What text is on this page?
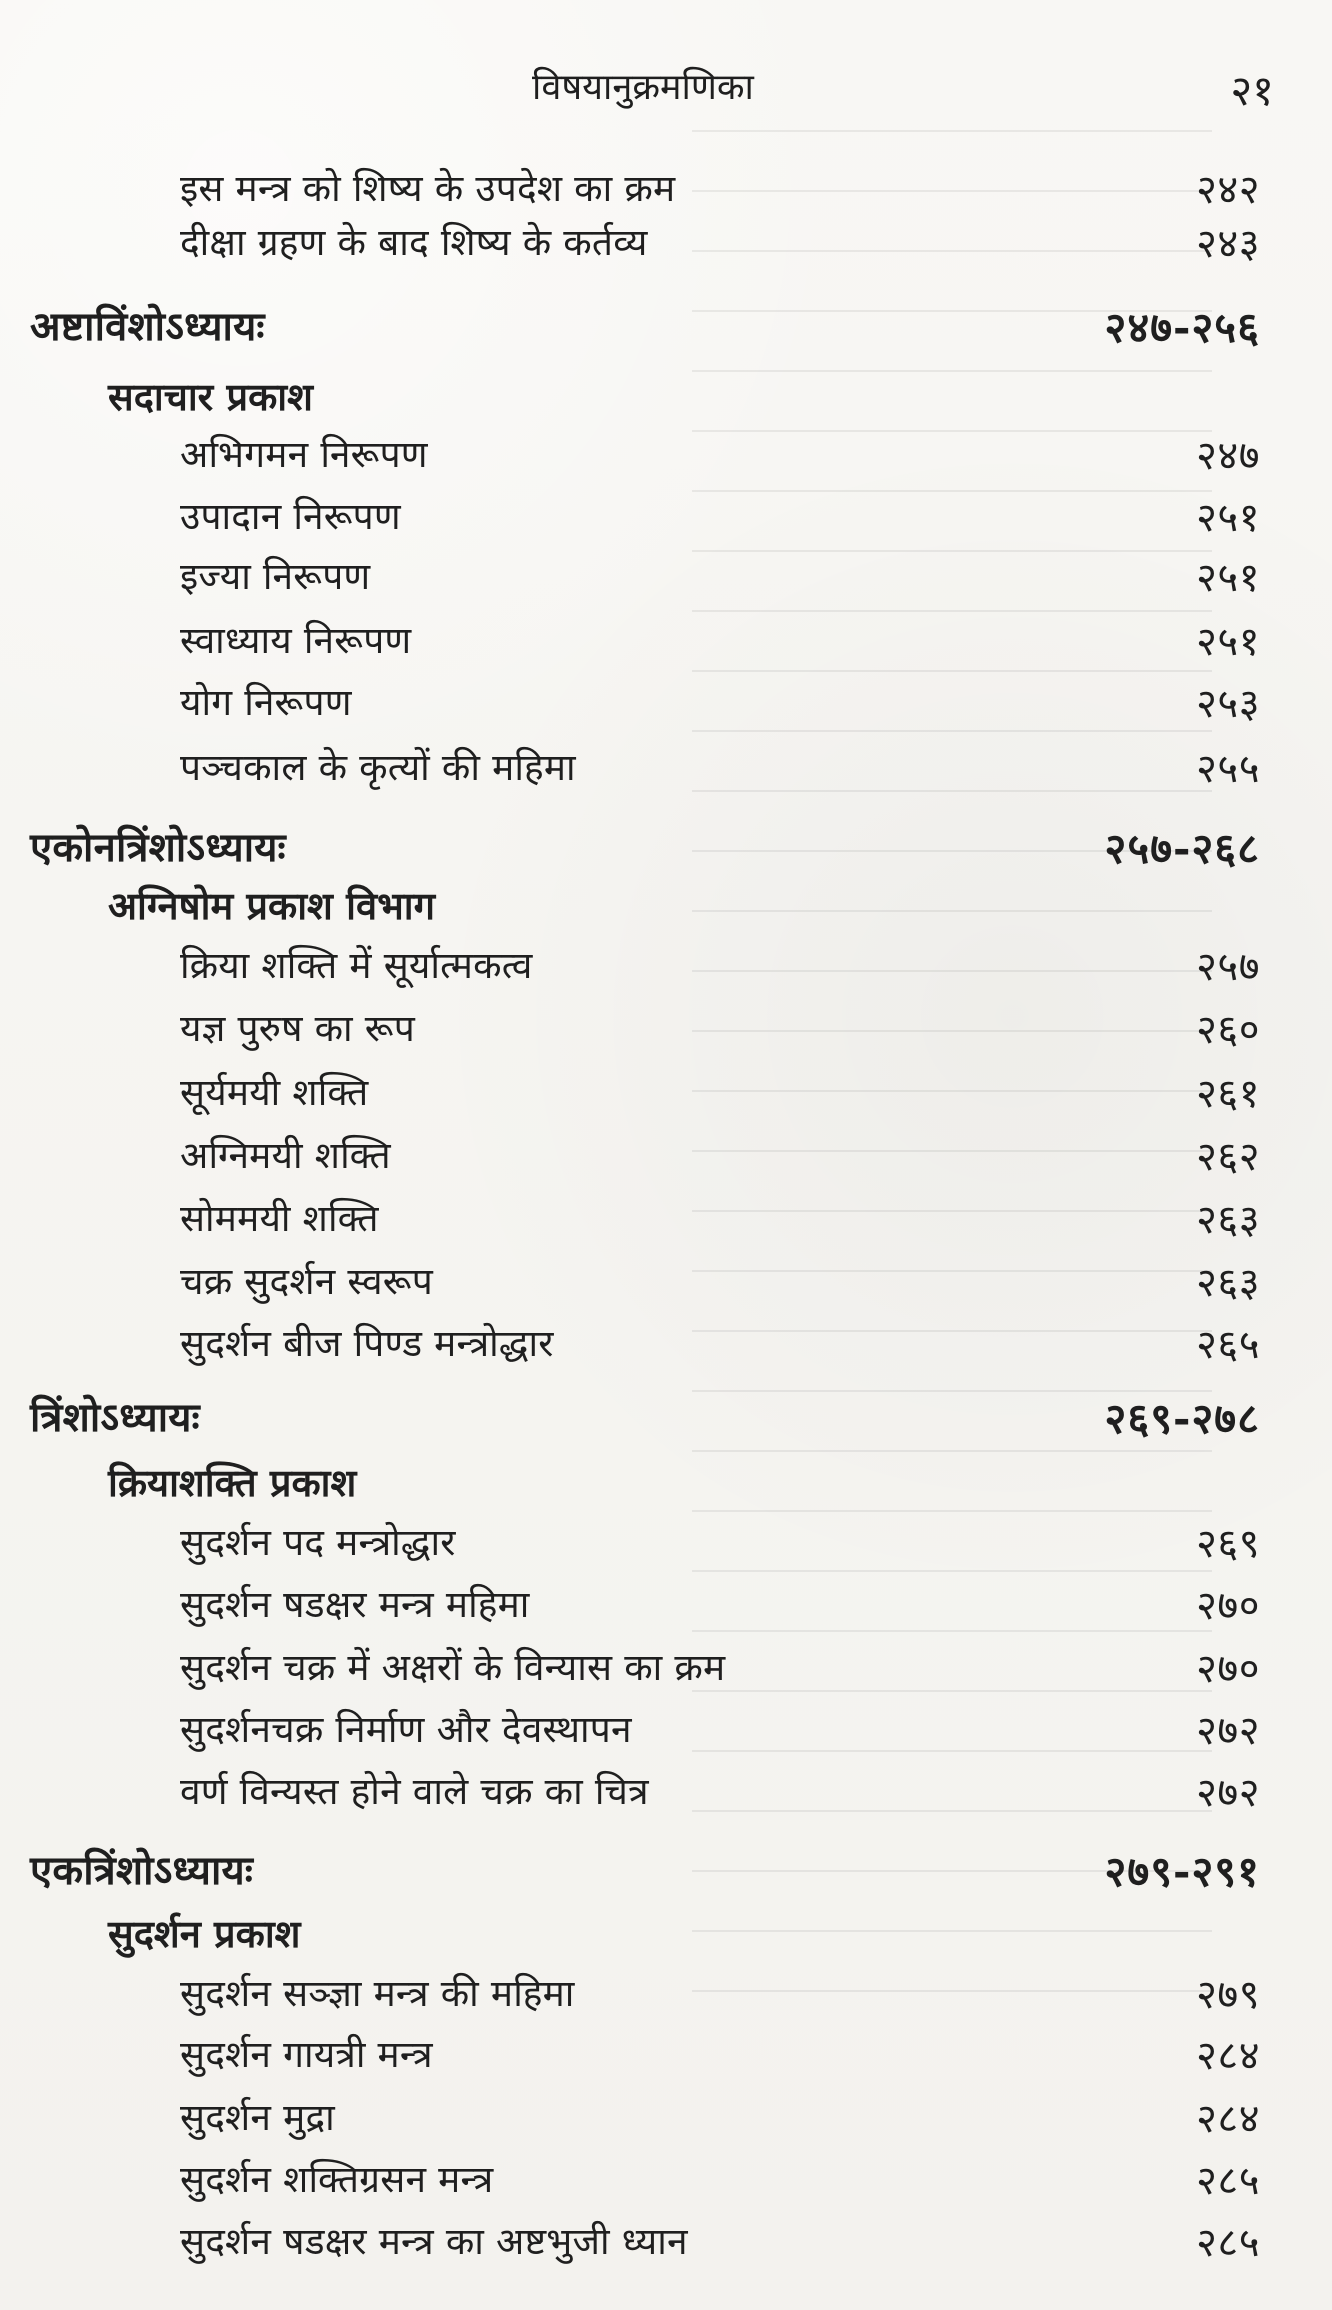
विषयानुक्रमणिका	२१
इस मन्त्र को शिष्य के उपदेश का क्रम	२४२
दीक्षा ग्रहण के बाद शिष्य के कर्तव्य	२४३
अष्टाविंशोऽध्यायः	२४७-२५६
सदाचार प्रकाश
अभिगमन निरूपण	२४७
उपादान निरूपण	२५१
इज्या निरूपण	२५१
स्वाध्याय निरूपण	२५१
योग निरूपण	२५३
पञ्चकाल के कृत्यों की महिमा	२५५
एकोनत्रिंशोऽध्यायः	२५७-२६८
अग्निषोम प्रकाश विभाग
क्रिया शक्ति में सूर्यात्मकत्व	२५७
यज्ञ पुरुष का रूप	२६०
सूर्यमयी शक्ति	२६१
अग्निमयी शक्ति	२६२
सोममयी शक्ति	२६३
चक्र सुदर्शन स्वरूप	२६३
सुदर्शन बीज पिण्ड मन्त्रोद्धार	२६५
त्रिंशोऽध्यायः	२६९-२७८
क्रियाशक्ति प्रकाश
सुदर्शन पद मन्त्रोद्धार	२६९
सुदर्शन षडक्षर मन्त्र महिमा	२७०
सुदर्शन चक्र में अक्षरों के विन्यास का क्रम	२७०
सुदर्शनचक्र निर्माण और देवस्थापन	२७२
वर्ण विन्यस्त होने वाले चक्र का चित्र	२७२
एकत्रिंशोऽध्यायः	२७९-२९१
सुदर्शन प्रकाश
सुदर्शन सञ्ज्ञा मन्त्र की महिमा	२७९
सुदर्शन गायत्री मन्त्र	२८४
सुदर्शन मुद्रा	२८४
सुदर्शन शक्तिग्रसन मन्त्र	२८५
सुदर्शन षडक्षर मन्त्र का अष्टभुजी ध्यान	२८५
